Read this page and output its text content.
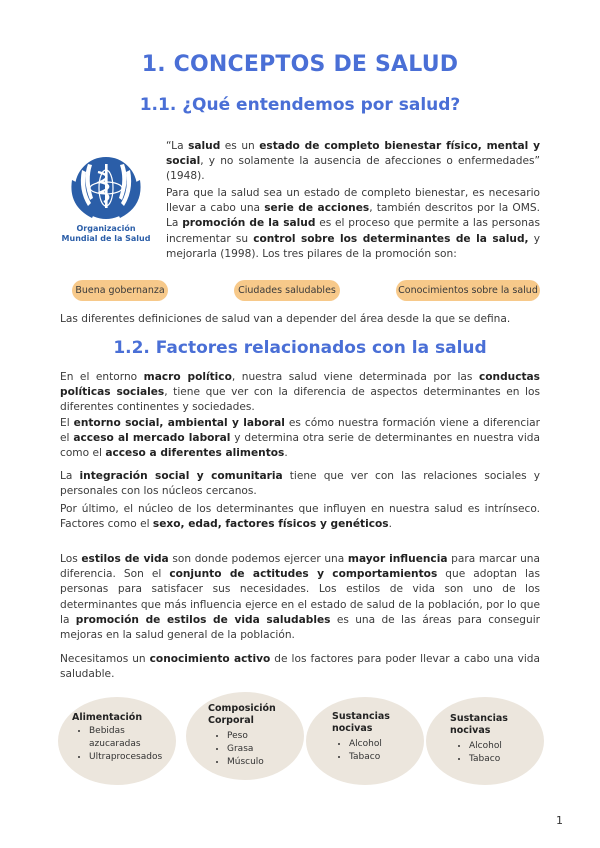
1. CONCEPTOS DE SALUD
1.1. ¿Qué entendemos por salud?
Organización
Mundial de la Salud

“La salud es un estado de completo bienestar físico, mental y social, y no solamente la ausencia de afecciones o enfermedades” (1948).

Para que la salud sea un estado de completo bienestar, es necesario llevar a cabo una serie de acciones, también descritos por la OMS. La promoción de la salud es el proceso que permite a las personas incrementar su control sobre los determinantes de la salud, y mejorarla (1998). Los tres pilares de la promoción son:

Buena gobernanza	Ciudades saludables	Conocimientos sobre la salud

Las diferentes definiciones de salud van a depender del área desde la que se defina.

1.2. Factores relacionados con la salud

En el entorno macro político, nuestra salud viene determinada por las conductas políticas sociales, tiene que ver con la diferencia de aspectos determinantes en los diferentes continentes y sociedades.

El entorno social, ambiental y laboral es cómo nuestra formación viene a diferenciar el acceso al mercado laboral y determina otra serie de determinantes en nuestra vida como el acceso a diferentes alimentos.

La integración social y comunitaria tiene que ver con las relaciones sociales y personales con los núcleos cercanos.

Por último, el núcleo de los determinantes que influyen en nuestra salud es intrínseco. Factores como el sexo, edad, factores físicos y genéticos.

Los estilos de vida son donde podemos ejercer una mayor influencia para marcar una diferencia. Son el conjunto de actitudes y comportamientos que adoptan las personas para satisfacer sus necesidades. Los estilos de vida son uno de los determinantes que más influencia ejerce en el estado de salud de la población, por lo que la promoción de estilos de vida saludables es una de las áreas para conseguir mejoras en la salud general de la población.

Necesitamos un conocimiento activo de los factores para poder llevar a cabo una vida saludable.

Alimentación
• Bebidas azucaradas
• Ultraprocesados
Composición Corporal
• Peso
• Grasa
• Músculo
Sustancias nocivas
• Alcohol
• Tabaco
Sustancias nocivas
• Alcohol
• Tabaco
1
